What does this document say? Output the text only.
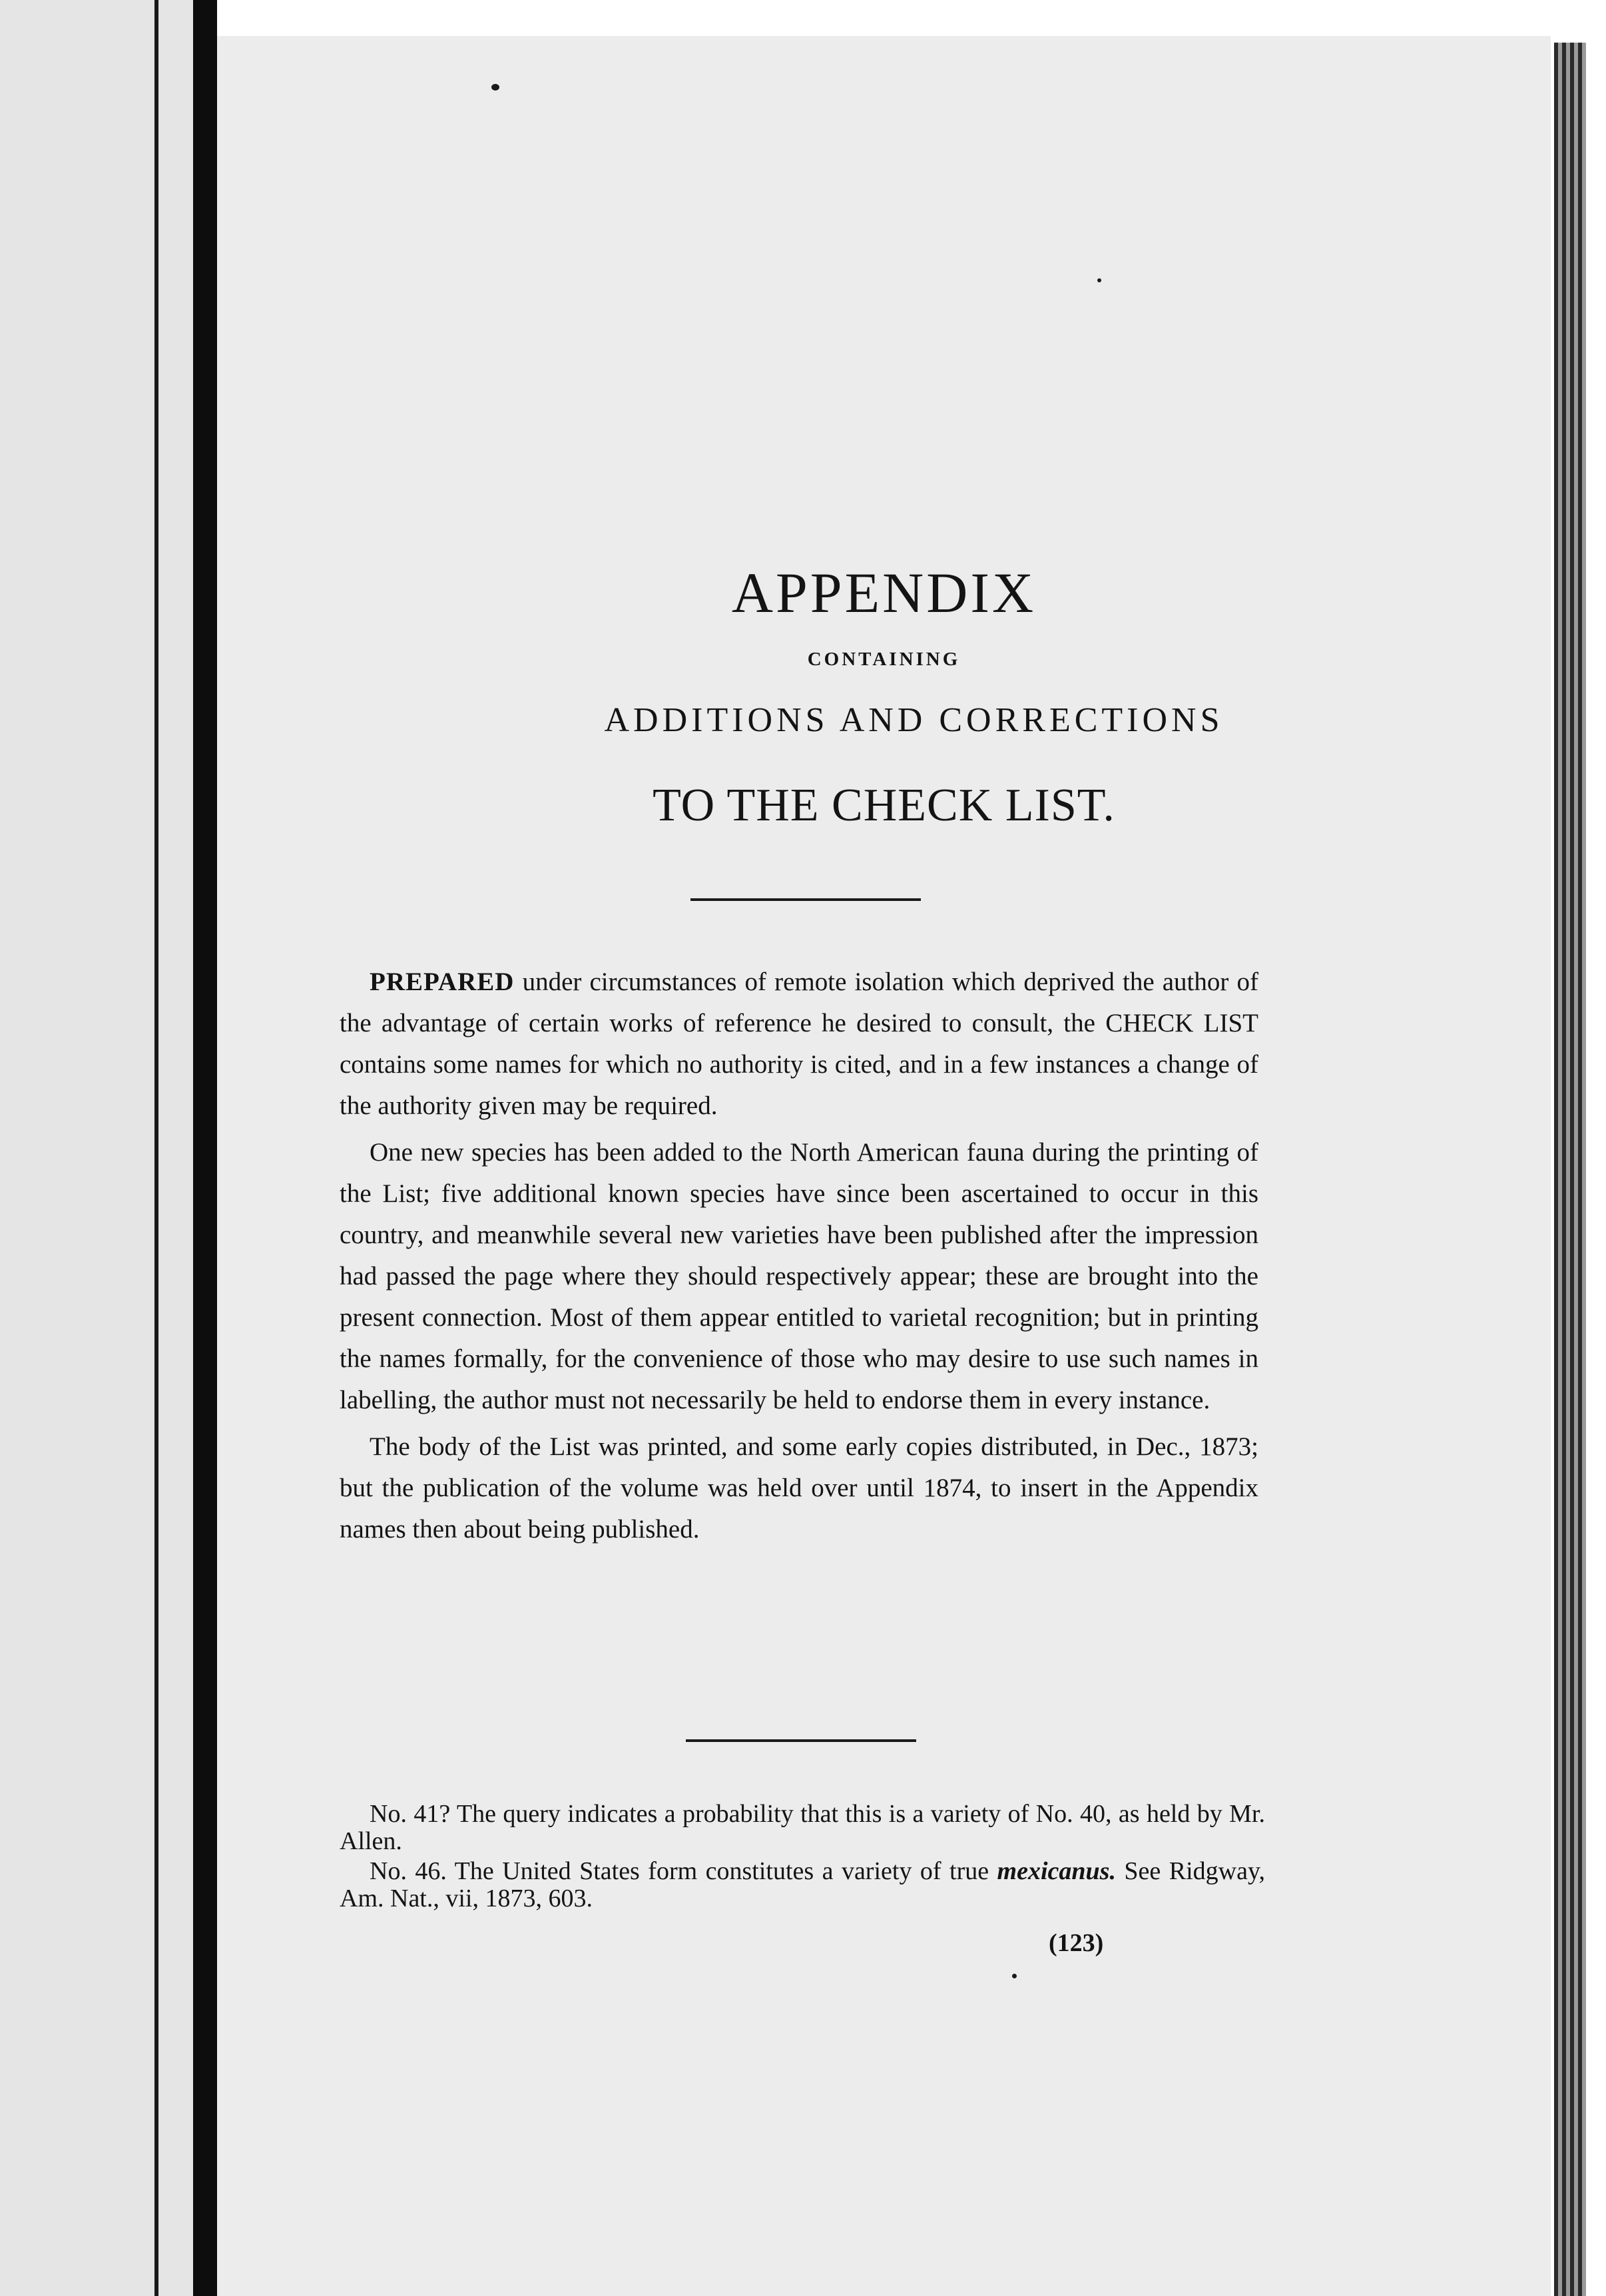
APPENDIX
CONTAINING
ADDITIONS AND CORRECTIONS
TO THE CHECK LIST.

PREPARED under circumstances of remote isolation which deprived the author of the advantage of certain works of reference he desired to consult, the CHECK LIST contains some names for which no authority is cited, and in a few instances a change of the authority given may be required.

One new species has been added to the North American fauna during the printing of the List; five additional known species have since been ascertained to occur in this country, and meanwhile several new varieties have been published after the impression had passed the page where they should respectively appear; these are brought into the present connection. Most of them appear entitled to varietal recognition; but in printing the names formally, for the convenience of those who may desire to use such names in labelling, the author must not necessarily be held to endorse them in every instance.

The body of the List was printed, and some early copies distributed, in Dec., 1873; but the publication of the volume was held over until 1874, to insert in the Appendix names then about being published.

No. 41? The query indicates a probability that this is a variety of No. 40, as held by Mr. Allen.
No. 46. The United States form constitutes a variety of true mexicanus. See Ridgway, Am. Nat., vii, 1873, 603.
(123)
